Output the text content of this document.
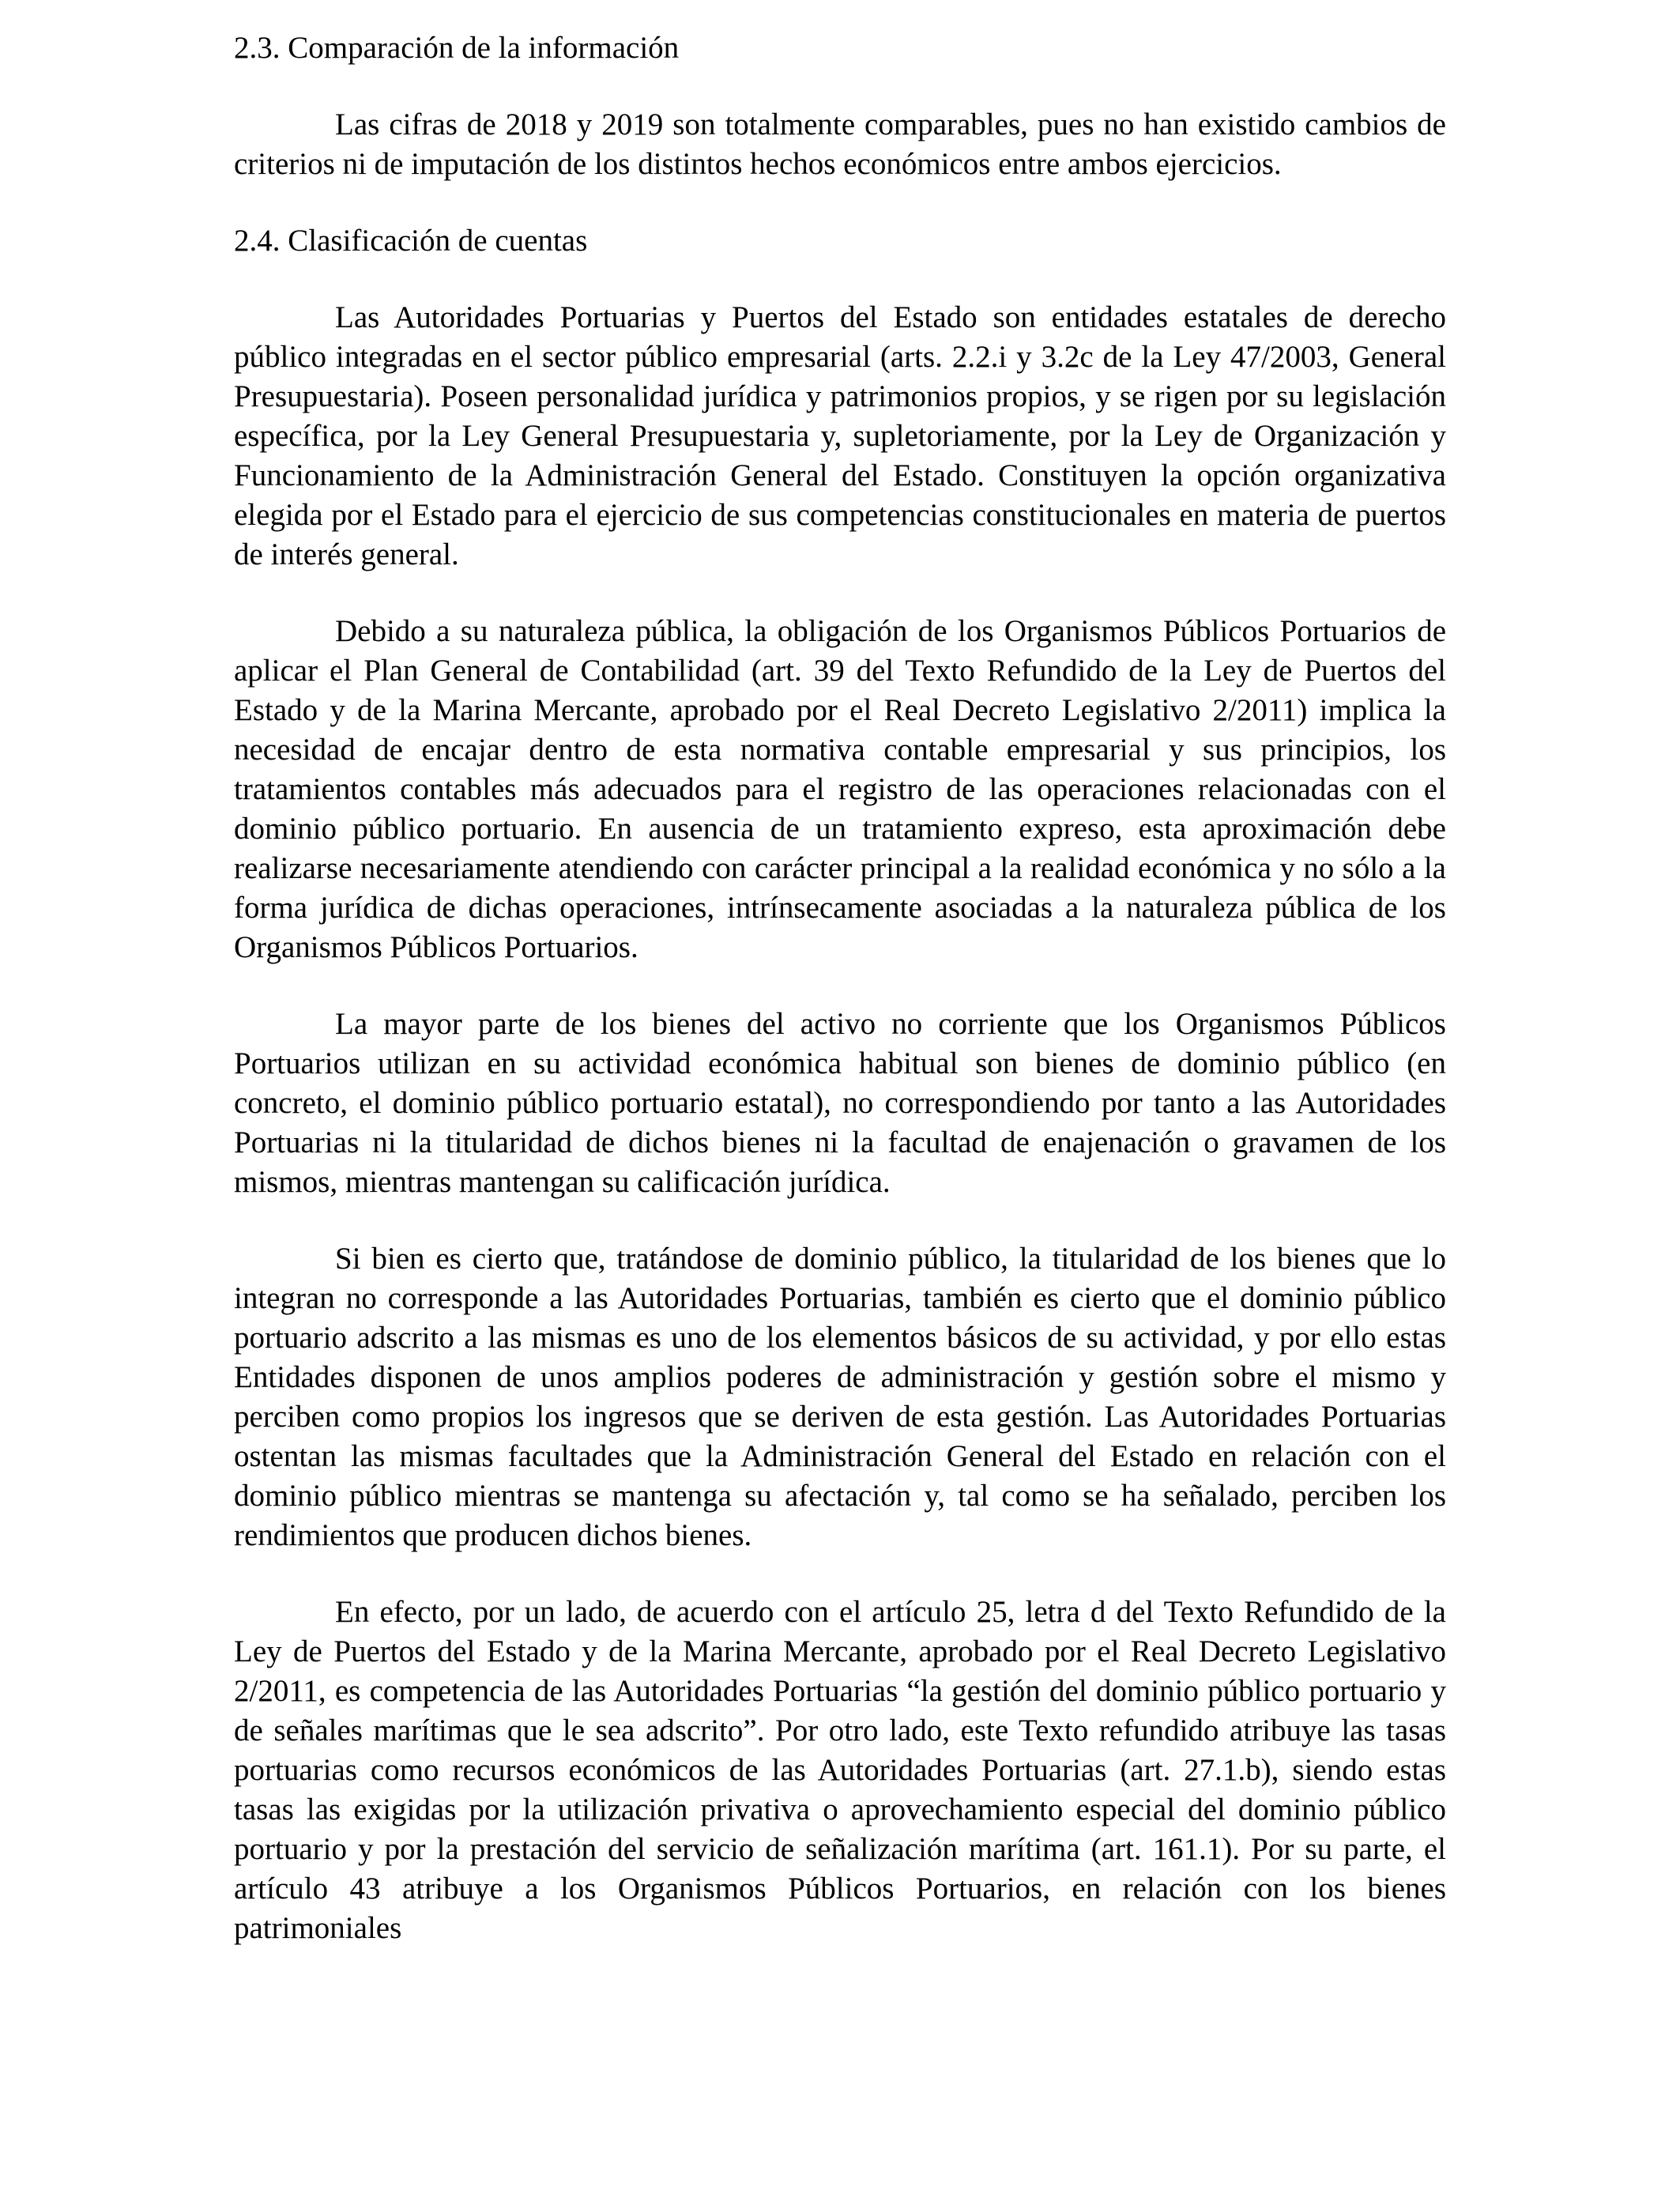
2.3. Comparación de la información

Las cifras de 2018 y 2019 son totalmente comparables, pues no han existido cambios de criterios ni de imputación de los distintos hechos económicos entre ambos ejercicios.

2.4. Clasificación de cuentas

Las Autoridades Portuarias y Puertos del Estado son entidades estatales de derecho público integradas en el sector público empresarial (arts. 2.2.i y 3.2c de la Ley 47/2003, General Presupuestaria). Poseen personalidad jurídica y patrimonios propios, y se rigen por su legislación específica, por la Ley General Presupuestaria y, supletoriamente, por la Ley de Organización y Funcionamiento de la Administración General del Estado. Constituyen la opción organizativa elegida por el Estado para el ejercicio de sus competencias constitucionales en materia de puertos de interés general.

Debido a su naturaleza pública, la obligación de los Organismos Públicos Portuarios de aplicar el Plan General de Contabilidad (art. 39 del Texto Refundido de la Ley de Puertos del Estado y de la Marina Mercante, aprobado por el Real Decreto Legislativo 2/2011) implica la necesidad de encajar dentro de esta normativa contable empresarial y sus principios, los tratamientos contables más adecuados para el registro de las operaciones relacionadas con el dominio público portuario. En ausencia de un tratamiento expreso, esta aproximación debe realizarse necesariamente atendiendo con carácter principal a la realidad económica y no sólo a la forma jurídica de dichas operaciones, intrínsecamente asociadas a la naturaleza pública de los Organismos Públicos Portuarios.

La mayor parte de los bienes del activo no corriente que los Organismos Públicos Portuarios utilizan en su actividad económica habitual son bienes de dominio público (en concreto, el dominio público portuario estatal), no correspondiendo por tanto a las Autoridades Portuarias ni la titularidad de dichos bienes ni la facultad de enajenación o gravamen de los mismos, mientras mantengan su calificación jurídica.

Si bien es cierto que, tratándose de dominio público, la titularidad de los bienes que lo integran no corresponde a las Autoridades Portuarias, también es cierto que el dominio público portuario adscrito a las mismas es uno de los elementos básicos de su actividad, y por ello estas Entidades disponen de unos amplios poderes de administración y gestión sobre el mismo y perciben como propios los ingresos que se deriven de esta gestión. Las Autoridades Portuarias ostentan las mismas facultades que la Administración General del Estado en relación con el dominio público mientras se mantenga su afectación y, tal como se ha señalado, perciben los rendimientos que producen dichos bienes.

En efecto, por un lado, de acuerdo con el artículo 25, letra d del Texto Refundido de la Ley de Puertos del Estado y de la Marina Mercante, aprobado por el Real Decreto Legislativo 2/2011, es competencia de las Autoridades Portuarias “la gestión del dominio público portuario y de señales marítimas que le sea adscrito”. Por otro lado, este Texto refundido atribuye las tasas portuarias como recursos económicos de las Autoridades Portuarias (art. 27.1.b), siendo estas tasas las exigidas por la utilización privativa o aprovechamiento especial del dominio público portuario y por la prestación del servicio de señalización marítima (art. 161.1). Por su parte, el artículo 43 atribuye a los Organismos Públicos Portuarios, en relación con los bienes patrimoniales
